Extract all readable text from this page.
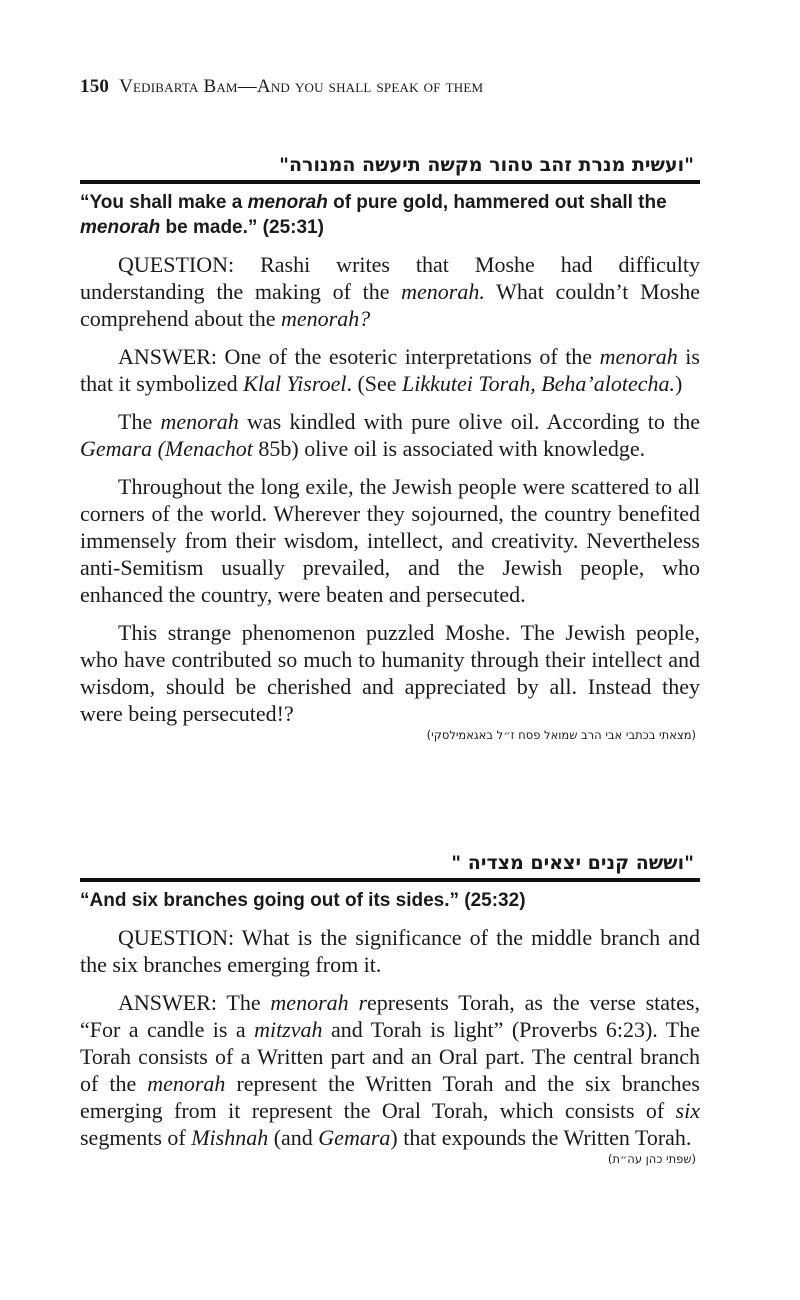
150 Vedibarta Bam—And you shall speak of them
"ועשית מנרת זהב טהור מקשה תיעשה המנורה"
“You shall make a menorah of pure gold, hammered out shall the menorah be made.” (25:31)

QUESTION: Rashi writes that Moshe had difficulty understanding the making of the menorah. What couldn’t Moshe comprehend about the menorah?

ANSWER: One of the esoteric interpretations of the menorah is that it symbolized Klal Yisroel. (See Likkutei Torah, Beha’alotecha.)

The menorah was kindled with pure olive oil. According to the Gemara (Menachot 85b) olive oil is associated with knowledge.

Throughout the long exile, the Jewish people were scattered to all corners of the world. Wherever they sojourned, the country benefited immensely from their wisdom, intellect, and creativity. Nevertheless anti-Semitism usually prevailed, and the Jewish people, who enhanced the country, were beaten and persecuted.

This strange phenomenon puzzled Moshe. The Jewish people, who have contributed so much to humanity through their intellect and wisdom, should be cherished and appreciated by all. Instead they were being persecuted!?

(מצאתי בכתבי אבי הרב שמואל פסח ז״ל באגאמילסקי)
"וששה קנים יצאים מצדיה "
“And six branches going out of its sides.” (25:32)

QUESTION: What is the significance of the middle branch and the six branches emerging from it.

ANSWER: The menorah represents Torah, as the verse states, “For a candle is a mitzvah and Torah is light” (Proverbs 6:23). The Torah consists of a Written part and an Oral part. The central branch of the menorah represent the Written Torah and the six branches emerging from it represent the Oral Torah, which consists of six segments of Mishnah (and Gemara) that expounds the Written Torah.

(שפתי כהן עה״ת)
